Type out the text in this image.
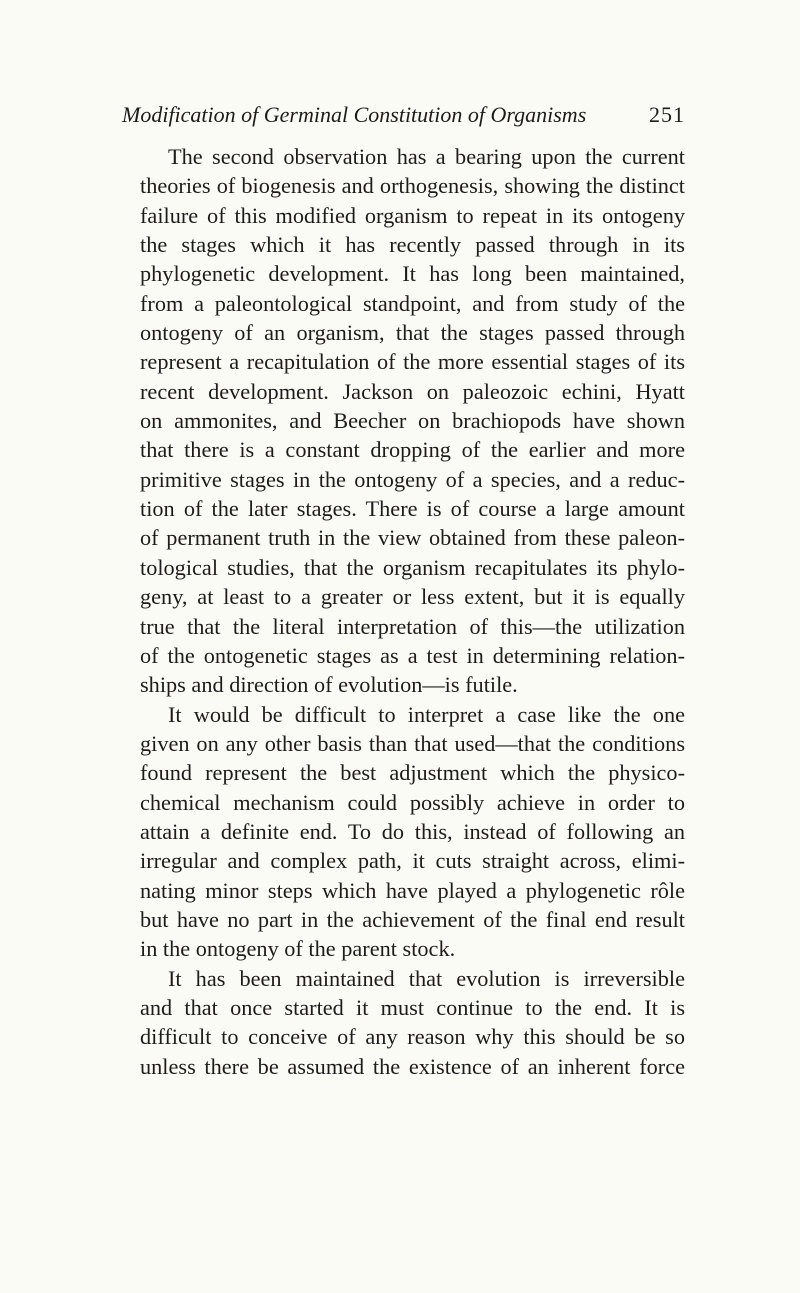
Modification of Germinal Constitution of Organisms	251
The second observation has a bearing upon the current
theories of biogenesis and orthogenesis, showing the distinct
failure of this modified organism to repeat in its ontogeny
the stages which it has recently passed through in its
phylogenetic development. It has long been maintained,
from a paleontological standpoint, and from study of the
ontogeny of an organism, that the stages passed through
represent a recapitulation of the more essential stages of its
recent development. Jackson on paleozoic echini, Hyatt
on ammonites, and Beecher on brachiopods have shown
that there is a constant dropping of the earlier and more
primitive stages in the ontogeny of a species, and a reduc-
tion of the later stages. There is of course a large amount
of permanent truth in the view obtained from these paleon-
tological studies, that the organism recapitulates its phylo-
geny, at least to a greater or less extent, but it is equally
true that the literal interpretation of this—the utilization
of the ontogenetic stages as a test in determining relation-
ships and direction of evolution—is futile.
It would be difficult to interpret a case like the one
given on any other basis than that used—that the conditions
found represent the best adjustment which the physico-
chemical mechanism could possibly achieve in order to
attain a definite end. To do this, instead of following an
irregular and complex path, it cuts straight across, elimi-
nating minor steps which have played a phylogenetic rôle
but have no part in the achievement of the final end result
in the ontogeny of the parent stock.
It has been maintained that evolution is irreversible
and that once started it must continue to the end. It is
difficult to conceive of any reason why this should be so
unless there be assumed the existence of an inherent force
